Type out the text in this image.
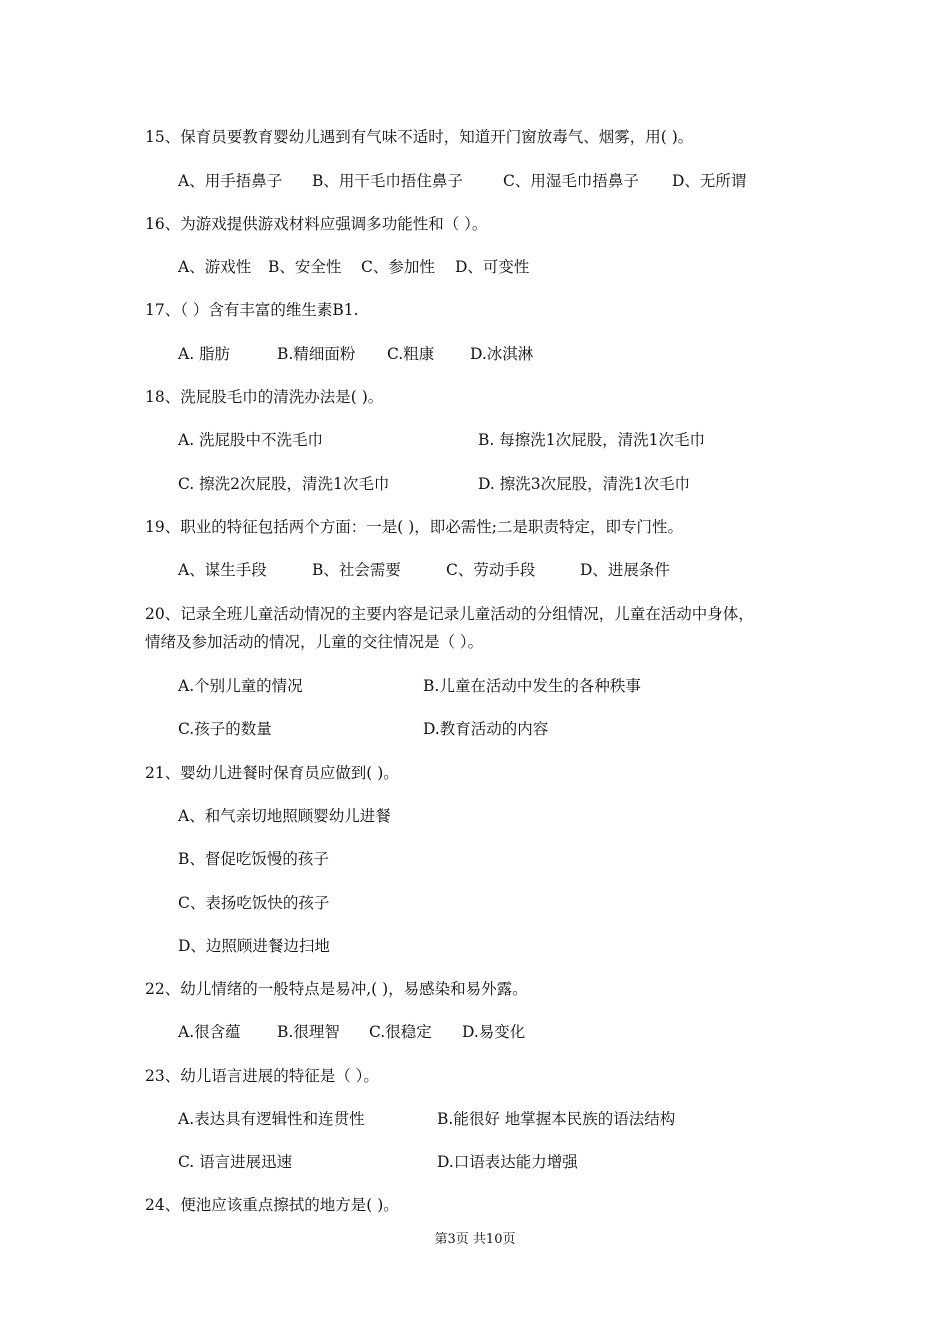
15、保育员要教育婴幼儿遇到有气味不适时，知道开门窗放毒气、烟雾，用( )。
A、用手捂鼻子 B、用干毛巾捂住鼻子	C、用湿毛巾捂鼻子 D、无所谓
16、为游戏提供游戏材料应强调多功能性和（ ）。
A、游戏性 B、安全性 C、参加性 D、可变性
17、（ ）含有丰富的维生素B1.
A. 脂肪	B.精细面粉 C.粗康 D.冰淇淋
18、洗屁股毛巾的清洗办法是( )。
A. 洗屁股中不洗毛巾	B. 每擦洗1次屁股，清洗1次毛巾
C. 擦洗2次屁股，清洗1次毛巾	D. 擦洗3次屁股，清洗1次毛巾
19、职业的特征包括两个方面：一是( )，即必需性;二是职责特定，即专门性。
A、谋生手段	B、社会需要	C、劳动手段	D、进展条件
20、记录全班儿童活动情况的主要内容是记录儿童活动的分组情况，儿童在活动中身体，
情绪及参加活动的情况，儿童的交往情况是（ ）。
A.个别儿童的情况	B.儿童在活动中发生的各种秩事
C.孩子的数量	D.教育活动的内容
21、婴幼儿进餐时保育员应做到( )。
A、和气亲切地照顾婴幼儿进餐
B、督促吃饭慢的孩子
C、表扬吃饭快的孩子
D、边照顾进餐边扫地
22、幼儿情绪的一般特点是易冲,( )，易感染和易外露。
A.很含蕴 B.很理智 C.很稳定 D.易变化
23、幼儿语言进展的特征是（ ）。
A.表达具有逻辑性和连贯性	B.能很好 地掌握本民族的语法结构
C. 语言进展迅速	D.口语表达能力增强
24、便池应该重点擦拭的地方是( )。
第3页 共10页
